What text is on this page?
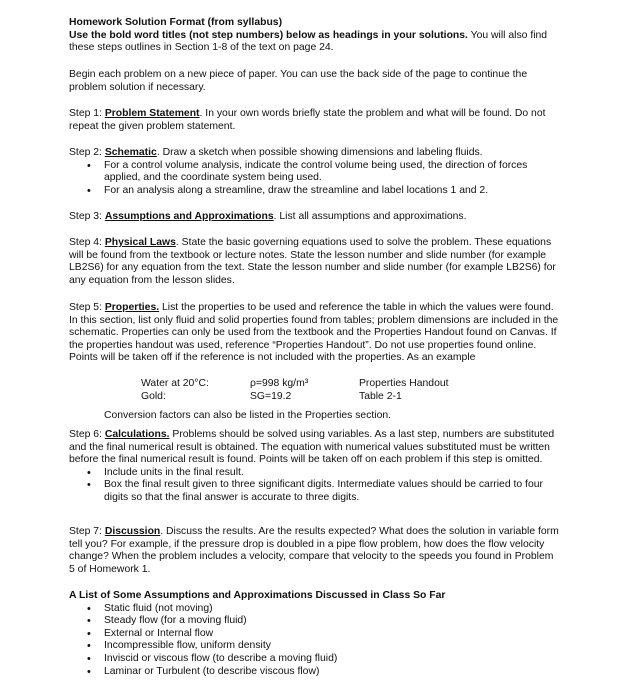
Homework Solution Format (from syllabus)
Use the bold word titles (not step numbers) below as headings in your solutions. You will also find these steps outlines in Section 1-8 of the text on page 24.
Begin each problem on a new piece of paper. You can use the back side of the page to continue the problem solution if necessary.
Step 1: Problem Statement. In your own words briefly state the problem and what will be found. Do not repeat the given problem statement.
Step 2: Schematic. Draw a sketch when possible showing dimensions and labeling fluids.
• For a control volume analysis, indicate the control volume being used, the direction of forces applied, and the coordinate system being used.
• For an analysis along a streamline, draw the streamline and label locations 1 and 2.
Step 3: Assumptions and Approximations. List all assumptions and approximations.
Step 4: Physical Laws. State the basic governing equations used to solve the problem. These equations will be found from the textbook or lecture notes. State the lesson number and slide number (for example LB2S6) for any equation from the text. State the lesson number and slide number (for example LB2S6) for any equation from the lesson slides.
Step 5: Properties. List the properties to be used and reference the table in which the values were found. In this section, list only fluid and solid properties found from tables; problem dimensions are included in the schematic. Properties can only be used from the textbook and the Properties Handout found on Canvas. If the properties handout was used, reference “Properties Handout”. Do not use properties found online. Points will be taken off if the reference is not included with the properties. As an example
Water at 20°C:	ρ=998 kg/m³	Properties Handout
Gold:	SG=19.2	Table 2-1
Conversion factors can also be listed in the Properties section.
Step 6: Calculations. Problems should be solved using variables. As a last step, numbers are substituted and the final numerical result is obtained. The equation with numerical values substituted must be written before the final numerical result is found. Points will be taken off on each problem if this step is omitted.
• Include units in the final result.
• Box the final result given to three significant digits. Intermediate values should be carried to four digits so that the final answer is accurate to three digits.
Step 7: Discussion. Discuss the results. Are the results expected? What does the solution in variable form tell you? For example, if the pressure drop is doubled in a pipe flow problem, how does the flow velocity change? When the problem includes a velocity, compare that velocity to the speeds you found in Problem 5 of Homework 1.
A List of Some Assumptions and Approximations Discussed in Class So Far
• Static fluid (not moving)
• Steady flow (for a moving fluid)
• External or Internal flow
• Incompressible flow, uniform density
• Inviscid or viscous flow (to describe a moving fluid)
• Laminar or Turbulent (to describe viscous flow)
